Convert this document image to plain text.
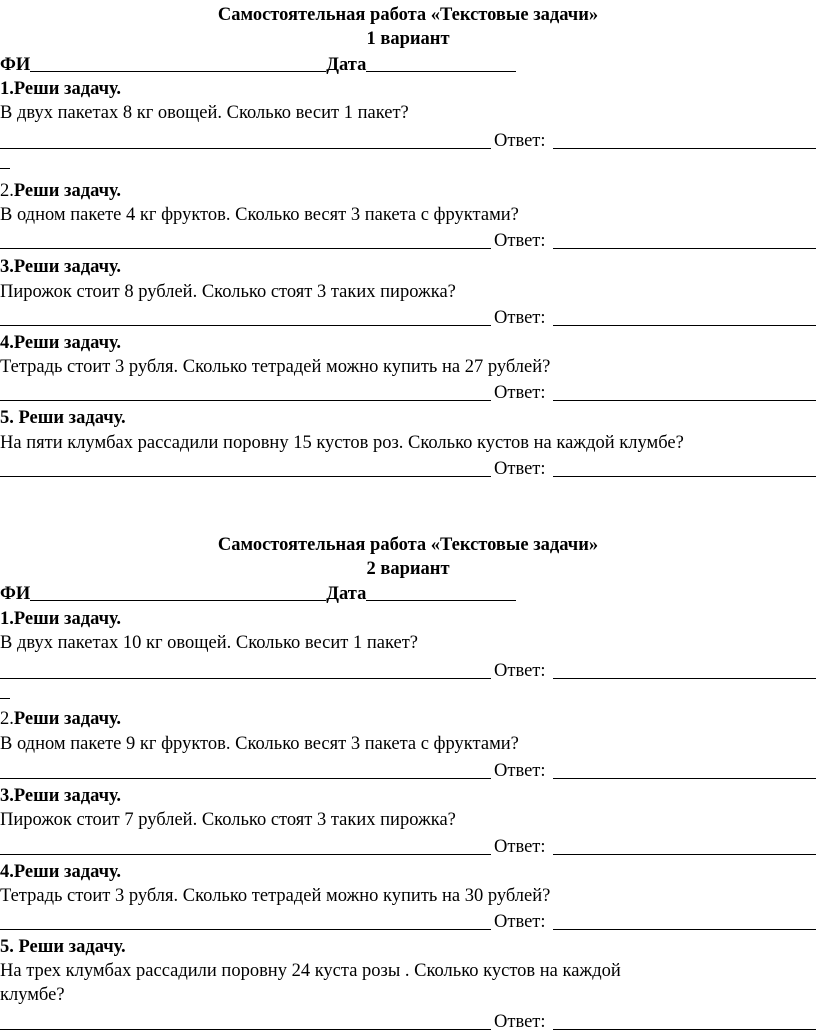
Самостоятельная работа «Текстовые задачи»
1 вариант
ФИ	Дата
1.Реши задачу.
В двух пакетах 8 кг овощей. Сколько весит 1 пакет?
Ответ:
2.Реши задачу.
В одном пакете 4 кг фруктов. Сколько весят 3 пакета с фруктами?
Ответ:
3.Реши задачу.
Пирожок стоит 8 рублей. Сколько стоят 3 таких пирожка?
Ответ:
4.Реши задачу.
Тетрадь стоит 3 рубля. Сколько тетрадей можно купить на 27 рублей?
Ответ:
5. Реши задачу.
На пяти клумбах рассадили поровну 15 кустов роз. Сколько кустов на каждой клумбе?
Ответ:
Самостоятельная работа «Текстовые задачи»
2 вариант
ФИ	Дата
1.Реши задачу.
В двух пакетах 10 кг овощей. Сколько весит 1 пакет?
Ответ:
2.Реши задачу.
В одном пакете 9 кг фруктов. Сколько весят 3 пакета с фруктами?
Ответ:
3.Реши задачу.
Пирожок стоит 7 рублей. Сколько стоят 3 таких пирожка?
Ответ:
4.Реши задачу.
Тетрадь стоит 3 рубля. Сколько тетрадей можно купить на 30 рублей?
Ответ:
5. Реши задачу.
На трех клумбах рассадили поровну 24 куста розы . Сколько кустов на каждой
клумбе?
Ответ:
